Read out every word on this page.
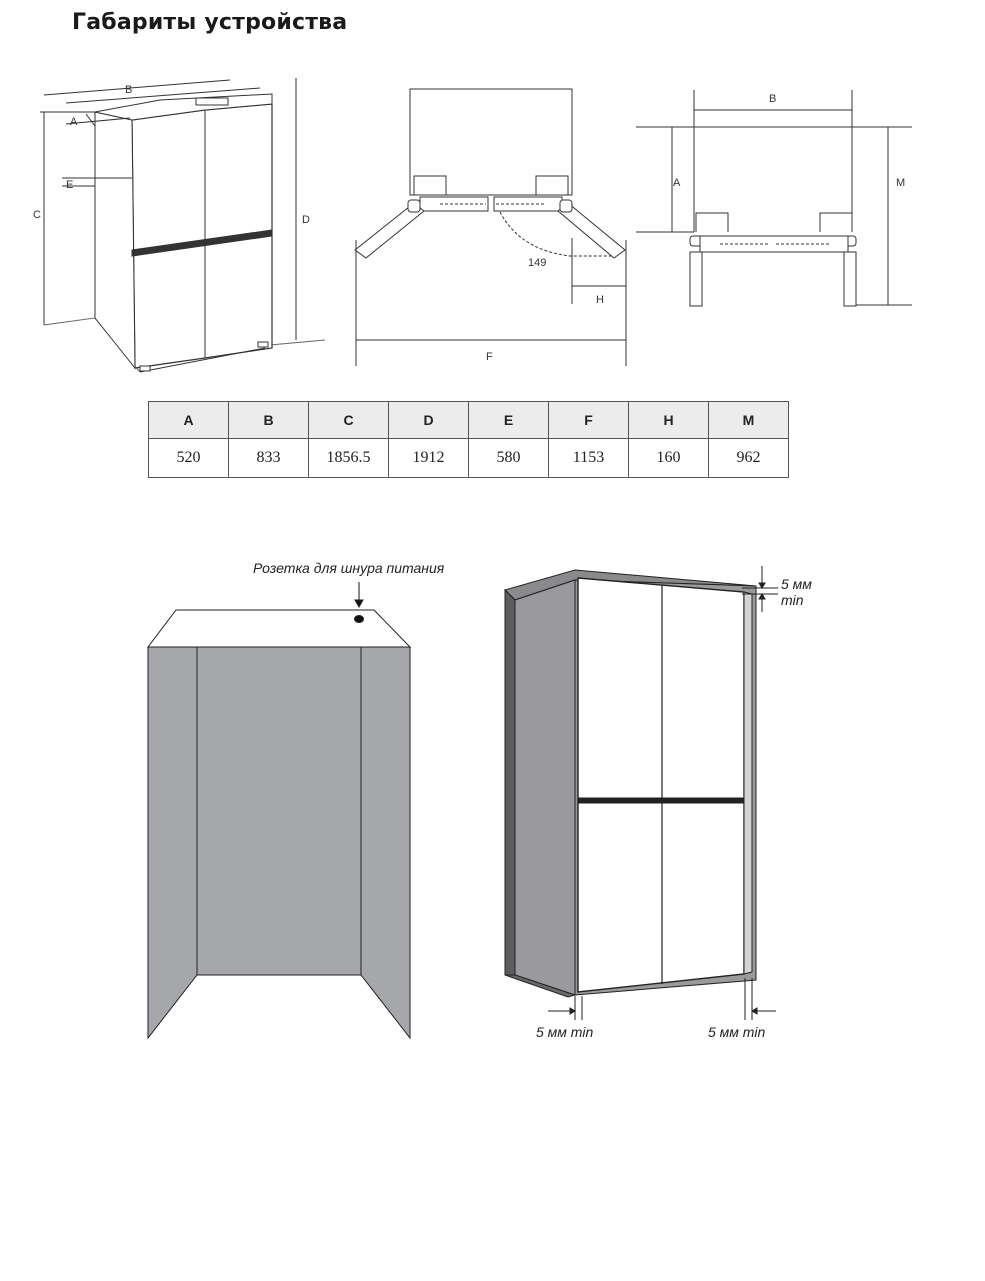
Габариты устройства
B
A
C
E
D
F
H
149
B
A	M
Розетка для шнура питания
5 мм
min
5 мм min	5 мм min
A	B	C	D	E	F	H	M
520	833	1856.5	1912	580	1153	160	962
